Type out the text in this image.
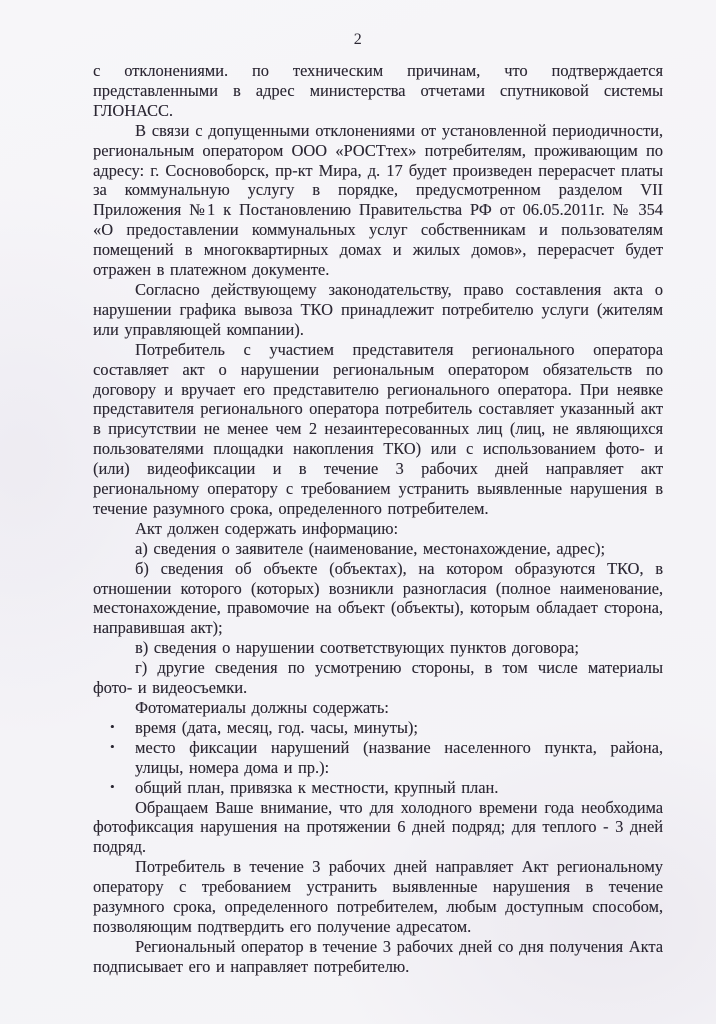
2

с отклонениями. по техническим причинам, что подтверждается представленными в адрес министерства отчетами спутниковой системы ГЛОНАСС.

В связи с допущенными отклонениями от установленной периодичности, региональным оператором ООО «РОСТтех» потребителям, проживающим по адресу: г. Сосновоборск, пр-кт Мира, д. 17 будет произведен перерасчет платы за коммунальную услугу в порядке, предусмотренном разделом VII Приложения №1 к Постановлению Правительства РФ от 06.05.2011г. № 354 «О предоставлении коммунальных услуг собственникам и пользователям помещений в многоквартирных домах и жилых домов», перерасчет будет отражен в платежном документе.

Согласно действующему законодательству, право составления акта о нарушении графика вывоза ТКО принадлежит потребителю услуги (жителям или управляющей компании).

Потребитель с участием представителя регионального оператора составляет акт о нарушении региональным оператором обязательств по договору и вручает его представителю регионального оператора. При неявке представителя регионального оператора потребитель составляет указанный акт в присутствии не менее чем 2 незаинтересованных лиц (лиц, не являющихся пользователями площадки накопления ТКО) или с использованием фото- и (или) видеофиксации и в течение 3 рабочих дней направляет акт региональному оператору с требованием устранить выявленные нарушения в течение разумного срока, определенного потребителем.

Акт должен содержать информацию:

а) сведения о заявителе (наименование, местонахождение, адрес);

б) сведения об объекте (объектах), на котором образуются ТКО, в отношении которого (которых) возникли разногласия (полное наименование, местонахождение, правомочие на объект (объекты), которым обладает сторона, направившая акт);

в) сведения о нарушении соответствующих пунктов договора;

г) другие сведения по усмотрению стороны, в том числе материалы фото- и видеосъемки.

Фотоматериалы должны содержать:

• время (дата, месяц, год. часы, минуты);
• место фиксации нарушений (название населенного пункта, района, улицы, номера дома и пр.):
• общий план, привязка к местности, крупный план.

Обращаем Ваше внимание, что для холодного времени года необходима фотофиксация нарушения на протяжении 6 дней подряд; для теплого - 3 дней подряд.

Потребитель в течение 3 рабочих дней направляет Акт региональному оператору с требованием устранить выявленные нарушения в течение разумного срока, определенного потребителем, любым доступным способом, позволяющим подтвердить его получение адресатом.

Региональный оператор в течение 3 рабочих дней со дня получения Акта подписывает его и направляет потребителю.
